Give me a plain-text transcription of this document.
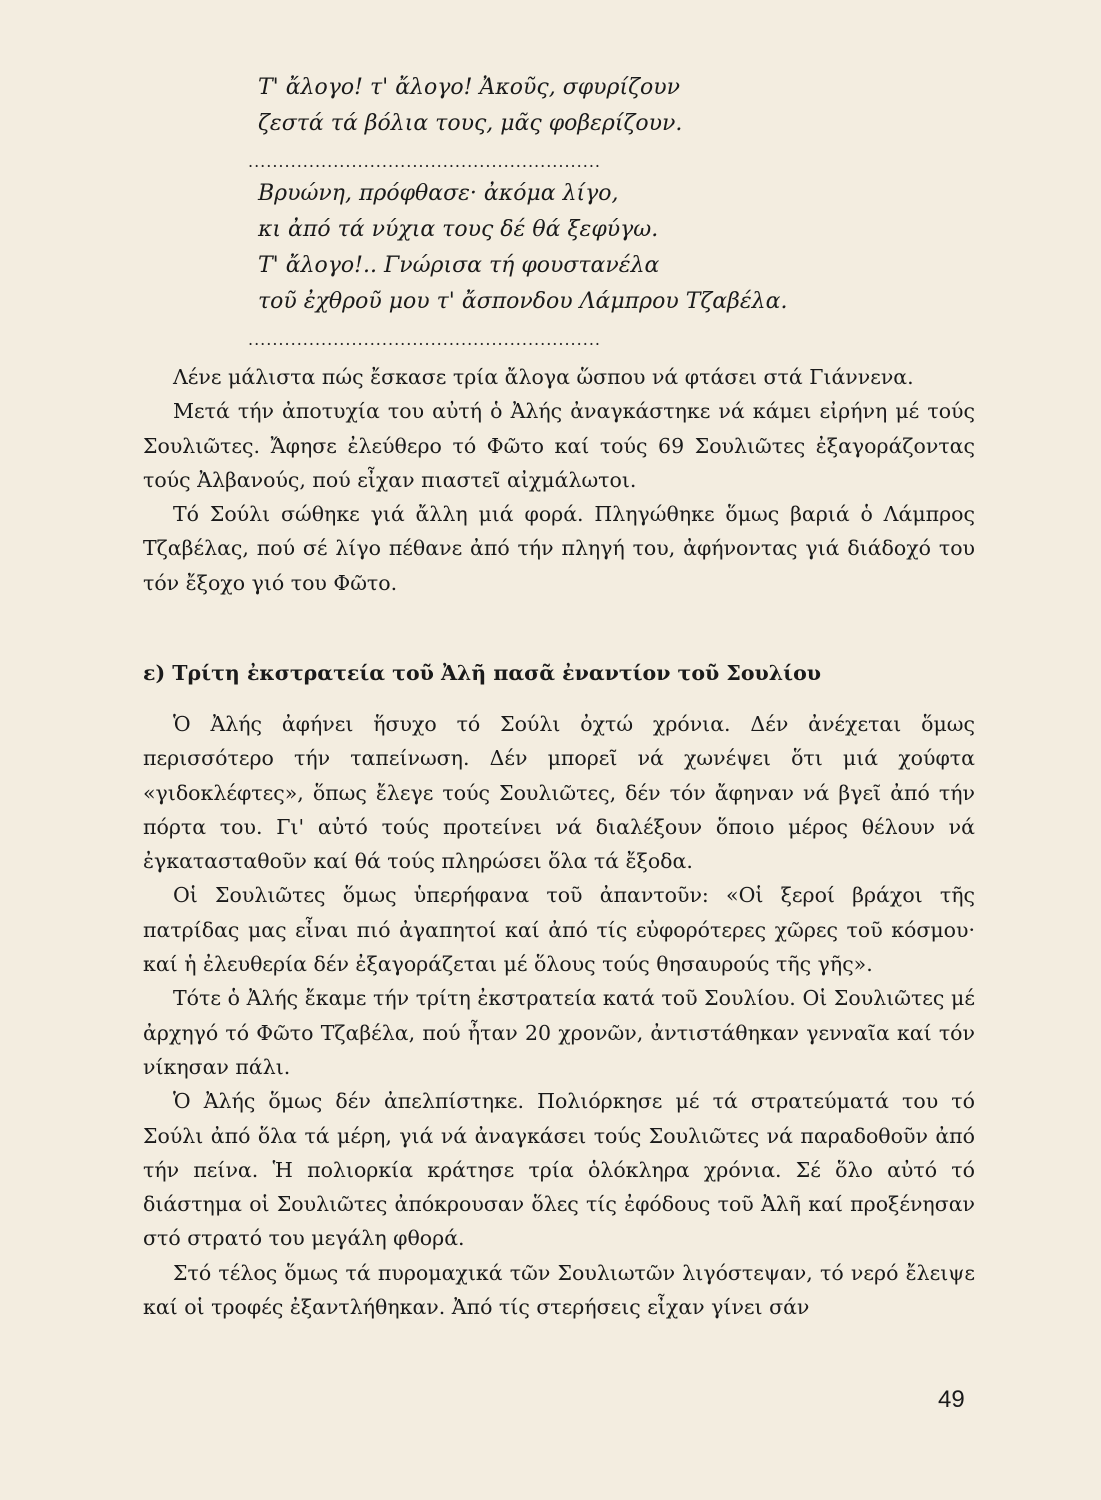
Τ' ἄλογο! τ' ἄλογο! Ἀκοῦς, σφυρίζουν
ζεστά τά βόλια τους, μᾶς φοβερίζουν.
..........................................................
Βρυώνη, πρόφθασε· ἀκόμα λίγο,
κι ἀπό τά νύχια τους δέ θά ξεφύγω.
Τ' ἄλογο!.. Γνώρισα τή φουστανέλα
τοῦ ἐχθροῦ μου τ' ἄσπονδου Λάμπρου Τζαβέλα.
..........................................................

Λένε μάλιστα πώς ἔσκασε τρία ἄλογα ὥσπου νά φτάσει στά Γιάννενα.

Μετά τήν ἀποτυχία του αὐτή ὁ Ἀλής ἀναγκάστηκε νά κάμει εἰρήνη μέ τούς Σουλιῶτες. Ἄφησε ἐλεύθερο τό Φῶτο καί τούς 69 Σουλιῶτες ἐξαγοράζοντας τούς Ἀλβανούς, πού εἶχαν πιαστεῖ αἰχμάλωτοι.

Τό Σούλι σώθηκε γιά ἄλλη μιά φορά. Πληγώθηκε ὅμως βαριά ὁ Λάμπρος Τζαβέλας, πού σέ λίγο πέθανε ἀπό τήν πληγή του, ἀφήνοντας γιά διάδοχό του τόν ἔξοχο γιό του Φῶτο.

ε) Τρίτη ἐκστρατεία τοῦ Ἀλῆ πασᾶ ἐναντίον τοῦ Σουλίου

Ὁ Ἀλής ἀφήνει ἥσυχο τό Σούλι ὀχτώ χρόνια. Δέν ἀνέχεται ὅμως περισσότερο τήν ταπείνωση. Δέν μπορεῖ νά χωνέψει ὅτι μιά χούφτα «γιδοκλέφτες», ὅπως ἔλεγε τούς Σουλιῶτες, δέν τόν ἄφηναν νά βγεῖ ἀπό τήν πόρτα του. Γι' αὐτό τούς προτείνει νά διαλέξουν ὅποιο μέρος θέλουν νά ἐγκατασταθοῦν καί θά τούς πληρώσει ὅλα τά ἔξοδα.

Οἱ Σουλιῶτες ὅμως ὑπερήφανα τοῦ ἀπαντοῦν: «Οἱ ξεροί βράχοι τῆς πατρίδας μας εἶναι πιό ἀγαπητοί καί ἀπό τίς εὐφορότερες χῶρες τοῦ κόσμου· καί ἡ ἐλευθερία δέν ἐξαγοράζεται μέ ὅλους τούς θησαυρούς τῆς γῆς».

Τότε ὁ Ἀλής ἔκαμε τήν τρίτη ἐκστρατεία κατά τοῦ Σουλίου. Οἱ Σουλιῶτες μέ ἀρχηγό τό Φῶτο Τζαβέλα, πού ἦταν 20 χρονῶν, ἀντιστάθηκαν γενναῖα καί τόν νίκησαν πάλι.

Ὁ Ἀλής ὅμως δέν ἀπελπίστηκε. Πολιόρκησε μέ τά στρατεύματά του τό Σούλι ἀπό ὅλα τά μέρη, γιά νά ἀναγκάσει τούς Σουλιῶτες νά παραδοθοῦν ἀπό τήν πείνα. Ἡ πολιορκία κράτησε τρία ὁλόκληρα χρόνια. Σέ ὅλο αὐτό τό διάστημα οἱ Σουλιῶτες ἀπόκρουσαν ὅλες τίς ἐφόδους τοῦ Ἀλῆ καί προξένησαν στό στρατό του μεγάλη φθορά.

Στό τέλος ὅμως τά πυρομαχικά τῶν Σουλιωτῶν λιγόστεψαν, τό νερό ἔλειψε καί οἱ τροφές ἐξαντλήθηκαν. Ἀπό τίς στερήσεις εἶχαν γίνει σάν

49
